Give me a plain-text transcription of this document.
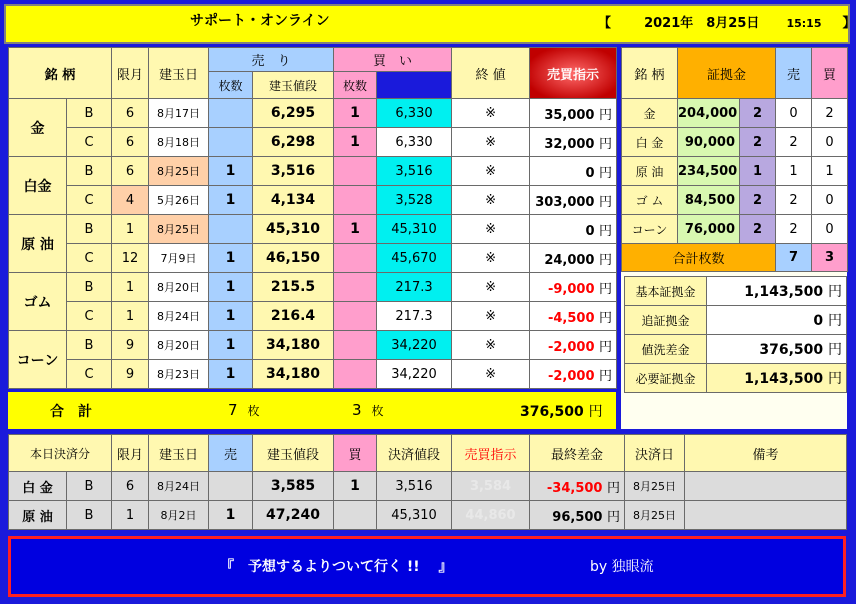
サポート・オンライン	【	2021年　8月25日 15:15 】
銘 柄		限月	建玉日	売　り		買　い		終 値	売買指示	
				枚数	建玉値段	枚数				
金	B	6	8月17日		6,295	1	6,330	※	35,000 円	
	C	6	8月18日		6,298	1	6,330	※	32,000 円	
白金	B	6	8月25日	1	3,516		3,516	※	0 円	
	C	4	5月26日	1	4,134		3,528	※	303,000 円	
原 油	B	1	8月25日		45,310	1	45,310	※	0 円	
	C	12	7月9日	1	46,150		45,670	※	24,000 円	
ゴム	B	1	8月20日	1	215.5		217.3	※	-9,000 円	
	C	1	8月24日	1	216.4		217.3	※	-4,500 円	
コーン	B	9	8月20日	1	34,180		34,220	※	-2,000 円	
	C	9	8月23日	1	34,180		34,220	※	-2,000 円	
合　計	7 枚	3 枚	376,500 円
銘 柄	証拠金		売	買
金	204,000	2	0	2
白 金	90,000	2	2	0
原 油	234,500	1	1	1
ゴ ム	84,500	2	2	0
コーン	76,000	2	2	0
合計枚数			7	3
基本証拠金	1,143,500 円
追証拠金	0 円
値洗差金	376,500 円
必要証拠金	1,143,500 円
本日決済分		限月	建玉日	売	建玉値段	買	決済値段	売買指示	最終差金	決済日	備考
白 金	B	6	8月24日		3,585	1	3,516	3,584	-34,500 円	8月25日	
原 油	B	1	8月2日	1	47,240		45,310	44,860	96,500 円	8月25日	
『　予想するよりついて行く !!　 』	by 独眼流
